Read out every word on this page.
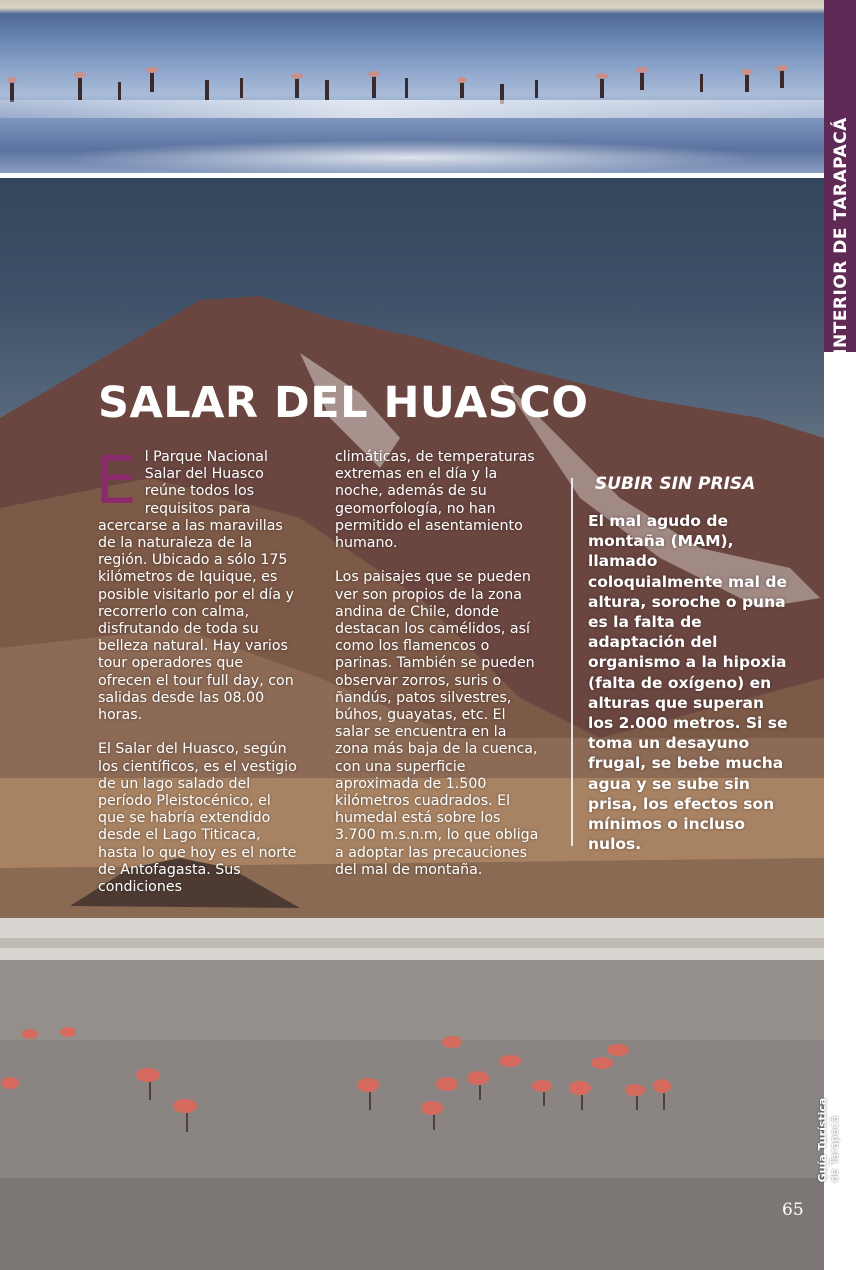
INTERIOR DE TARAPACÁ
SALAR DEL HUASCO

El Parque Nacional Salar del Huasco reúne todos los requisitos para acercarse a las maravillas de la naturaleza de la región. Ubicado a sólo 175 kilómetros de Iquique, es posible visitarlo por el día y recorrerlo con calma, disfrutando de toda su belleza natural. Hay varios tour operadores que ofrecen el tour full day, con salidas desde las 08.00 horas.

El Salar del Huasco, según los científicos, es el vestigio de un lago salado del período Pleistocénico, el que se habría extendido desde el Lago Titicaca, hasta lo que hoy es el norte de Antofagasta. Sus condiciones

climáticas, de temperaturas extremas en el día y la noche, además de su geomorfología, no han permitido el asentamiento humano.

Los paisajes que se pueden ver son propios de la zona andina de Chile, donde destacan los camélidos, así como los flamencos o parinas. También se pueden observar zorros, suris o ñandús, patos silvestres, búhos, guayatas, etc. El salar se encuentra en la zona más baja de la cuenca, con una superficie aproximada de 1.500 kilómetros cuadrados. El humedal está sobre los 3.700 m.s.n.m, lo que obliga a adoptar las precauciones del mal de montaña.

SUBIR SIN PRISA

El mal agudo de montaña (MAM), llamado coloquialmente mal de altura, soroche o puna es la falta de adaptación del organismo a la hipoxia (falta de oxígeno) en alturas que superan los 2.000 metros. Si se toma un desayuno frugal, se bebe mucha agua y se sube sin prisa, los efectos son mínimos o incluso nulos.

Guía Turística de Tarapacá
65
